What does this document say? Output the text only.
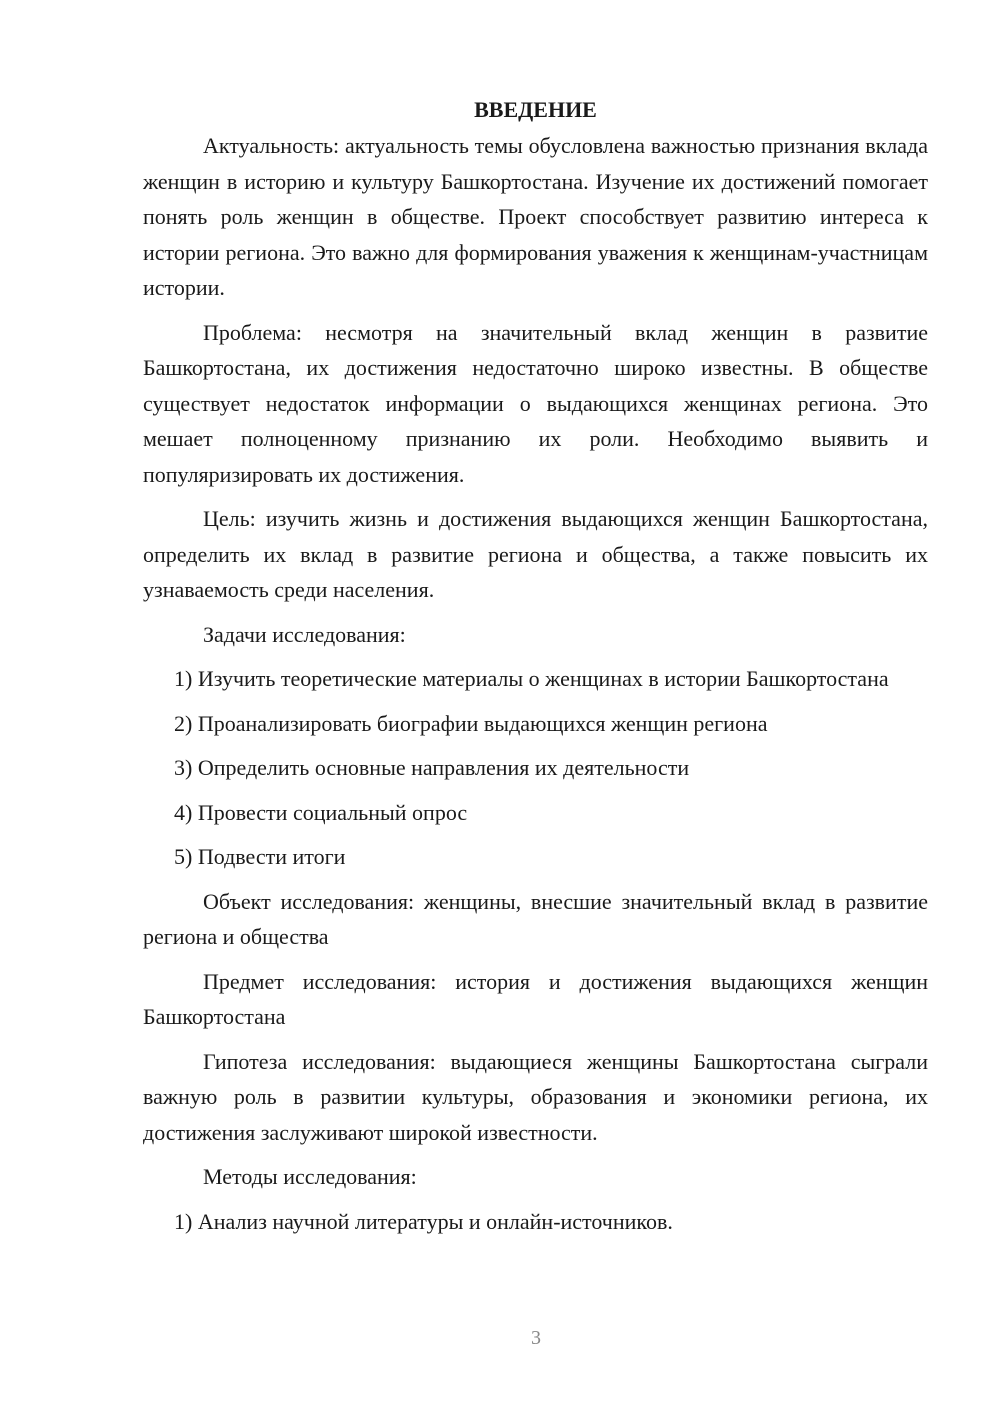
ВВЕДЕНИЕ

Актуальность: актуальность темы обусловлена важностью признания вклада женщин в историю и культуру Башкортостана. Изучение их достижений помогает понять роль женщин в обществе. Проект способствует развитию интереса к истории региона. Это важно для формирования уважения к женщинам-участницам истории.

Проблема: несмотря на значительный вклад женщин в развитие Башкортостана, их достижения недостаточно широко известны. В обществе существует недостаток информации о выдающихся женщинах региона. Это мешает полноценному признанию их роли. Необходимо выявить и популяризировать их достижения.

Цель: изучить жизнь и достижения выдающихся женщин Башкортостана, определить их вклад в развитие региона и общества, а также повысить их узнаваемость среди населения.

Задачи исследования:

1) Изучить теоретические материалы о женщинах в истории Башкортостана

2) Проанализировать биографии выдающихся женщин региона

3) Определить основные направления их деятельности

4) Провести социальный опрос

5) Подвести итоги

Объект исследования: женщины, внесшие значительный вклад в развитие региона и общества

Предмет исследования: история и достижения выдающихся женщин Башкортостана

Гипотеза исследования: выдающиеся женщины Башкортостана сыграли важную роль в развитии культуры, образования и экономики региона, их достижения заслуживают широкой известности.

Методы исследования:

1) Анализ научной литературы и онлайн-источников.

3
